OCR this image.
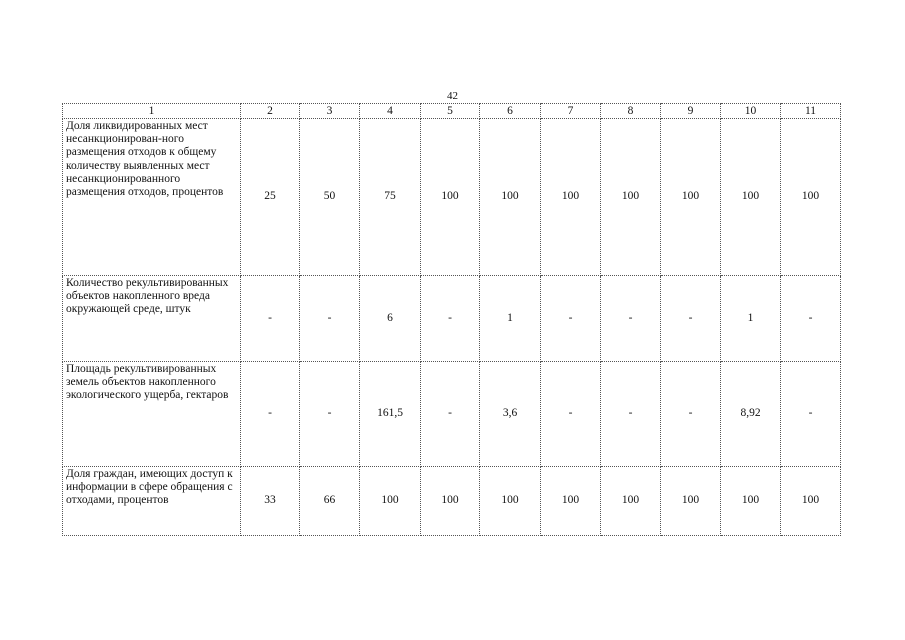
42
1	2	3	4	5	6	7	8	9	10	11
Доля ликвидированных мест несанкционирован-ного размещения отходов к общему количеству выявленных мест несанкционированного размещения отходов, процентов	25	50	75	100	100	100	100	100	100	100
Количество рекультивированных объектов накопленного вреда окружающей среде, штук	-	-	6	-	1	-	-	-	1	-
Площадь рекультивированных земель объектов накопленного экологического ущерба, гектаров	-	-	161,5	-	3,6	-	-	-	8,92	-
Доля граждан, имеющих доступ к информации в сфере обращения с отходами, процентов	33	66	100	100	100	100	100	100	100	100
